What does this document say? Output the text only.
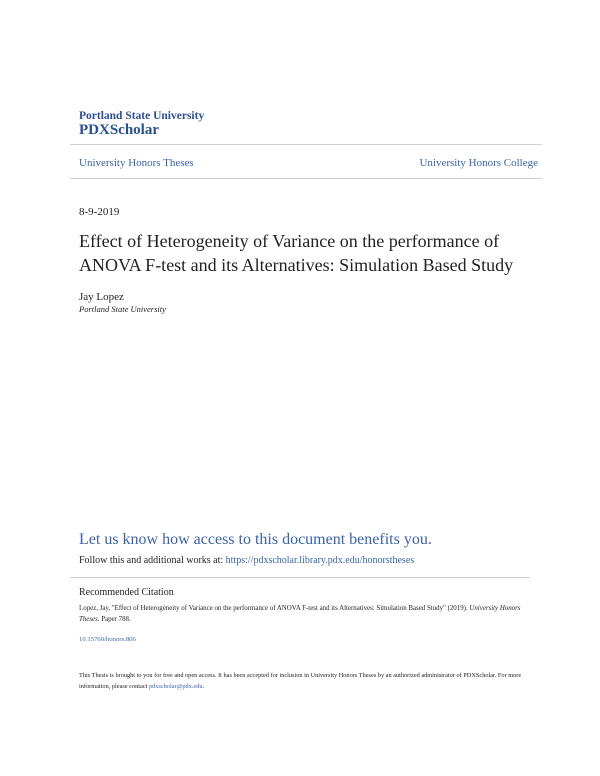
Portland State University
PDXScholar
University Honors Theses	University Honors College
8-9-2019
Effect of Heterogeneity of Variance on the performance of ANOVA F-test and its Alternatives: Simulation Based Study
Jay Lopez
Portland State University
Let us know how access to this document benefits you.
Follow this and additional works at: https://pdxscholar.library.pdx.edu/honorstheses
Recommended Citation
Lopez, Jay, "Effect of Heterogeneity of Variance on the performance of ANOVA F-test and its Alternatives: Simulation Based Study" (2019). University Honors Theses. Paper 788.
10.15760/honors.806
This Thesis is brought to you for free and open access. It has been accepted for inclusion in University Honors Theses by an authorized administrator of PDXScholar. For more information, please contact pdxscholar@pdx.edu.
